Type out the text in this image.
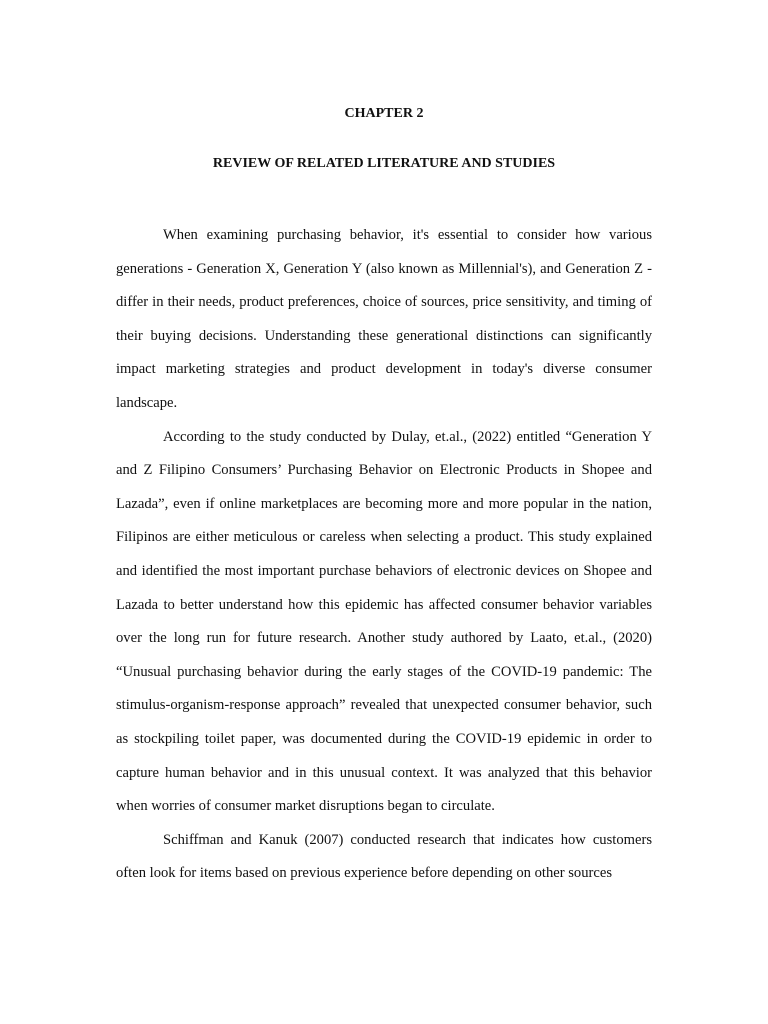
CHAPTER 2
REVIEW OF RELATED LITERATURE AND STUDIES

When examining purchasing behavior, it's essential to consider how various generations - Generation X, Generation Y (also known as Millennial's), and Generation Z - differ in their needs, product preferences, choice of sources, price sensitivity, and timing of their buying decisions. Understanding these generational distinctions can significantly impact marketing strategies and product development in today's diverse consumer landscape.

According to the study conducted by Dulay, et.al., (2022) entitled “Generation Y and Z Filipino Consumers’ Purchasing Behavior on Electronic Products in Shopee and Lazada”, even if online marketplaces are becoming more and more popular in the nation, Filipinos are either meticulous or careless when selecting a product. This study explained and identified the most important purchase behaviors of electronic devices on Shopee and Lazada to better understand how this epidemic has affected consumer behavior variables over the long run for future research. Another study authored by Laato, et.al., (2020) “Unusual purchasing behavior during the early stages of the COVID-19 pandemic: The stimulus-organism-response approach” revealed that unexpected consumer behavior, such as stockpiling toilet paper, was documented during the COVID-19 epidemic in order to capture human behavior and in this unusual context. It was analyzed that this behavior when worries of consumer market disruptions began to circulate.

Schiffman and Kanuk (2007) conducted research that indicates how customers often look for items based on previous experience before depending on other sources
